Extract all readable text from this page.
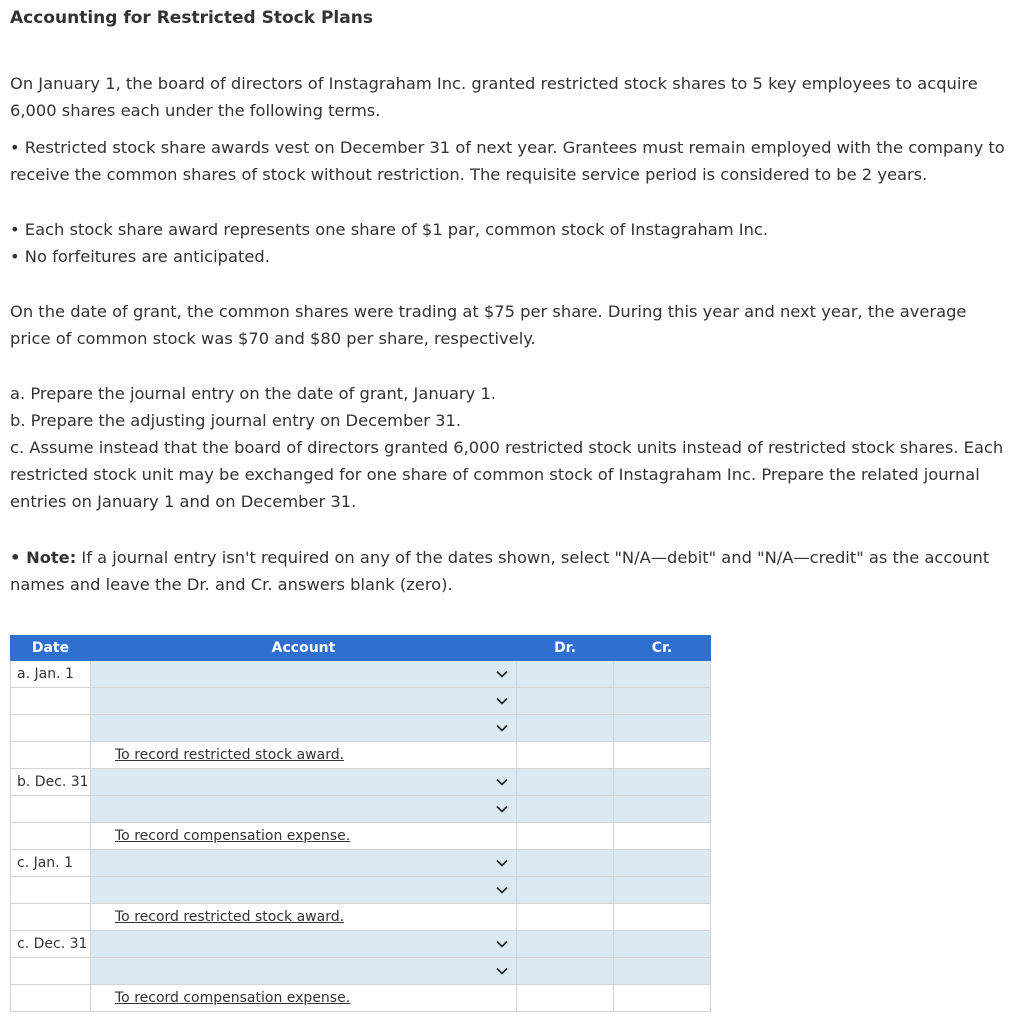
Accounting for Restricted Stock Plans

On January 1, the board of directors of Instagraham Inc. granted restricted stock shares to 5 key employees to acquire 6,000 shares each under the following terms.

• Restricted stock share awards vest on December 31 of next year. Grantees must remain employed with the company to receive the common shares of stock without restriction. The requisite service period is considered to be 2 years.

• Each stock share award represents one share of $1 par, common stock of Instagraham Inc.

• No forfeitures are anticipated.

On the date of grant, the common shares were trading at $75 per share. During this year and next year, the average price of common stock was $70 and $80 per share, respectively.

a. Prepare the journal entry on the date of grant, January 1.

b. Prepare the adjusting journal entry on December 31.

c. Assume instead that the board of directors granted 6,000 restricted stock units instead of restricted stock shares. Each restricted stock unit may be exchanged for one share of common stock of Instagraham Inc. Prepare the related journal entries on January 1 and on December 31.

• Note: If a journal entry isn't required on any of the dates shown, select "N/A—debit" and "N/A—credit" as the account names and leave the Dr. and Cr. answers blank (zero).

Date	Account	Dr.	Cr.
a. Jan. 1	

	To record restricted stock award.		
b. Dec. 31	

	To record compensation expense.		
c. Jan. 1	

	To record restricted stock award.		
c. Dec. 31	

	To record compensation expense.		
